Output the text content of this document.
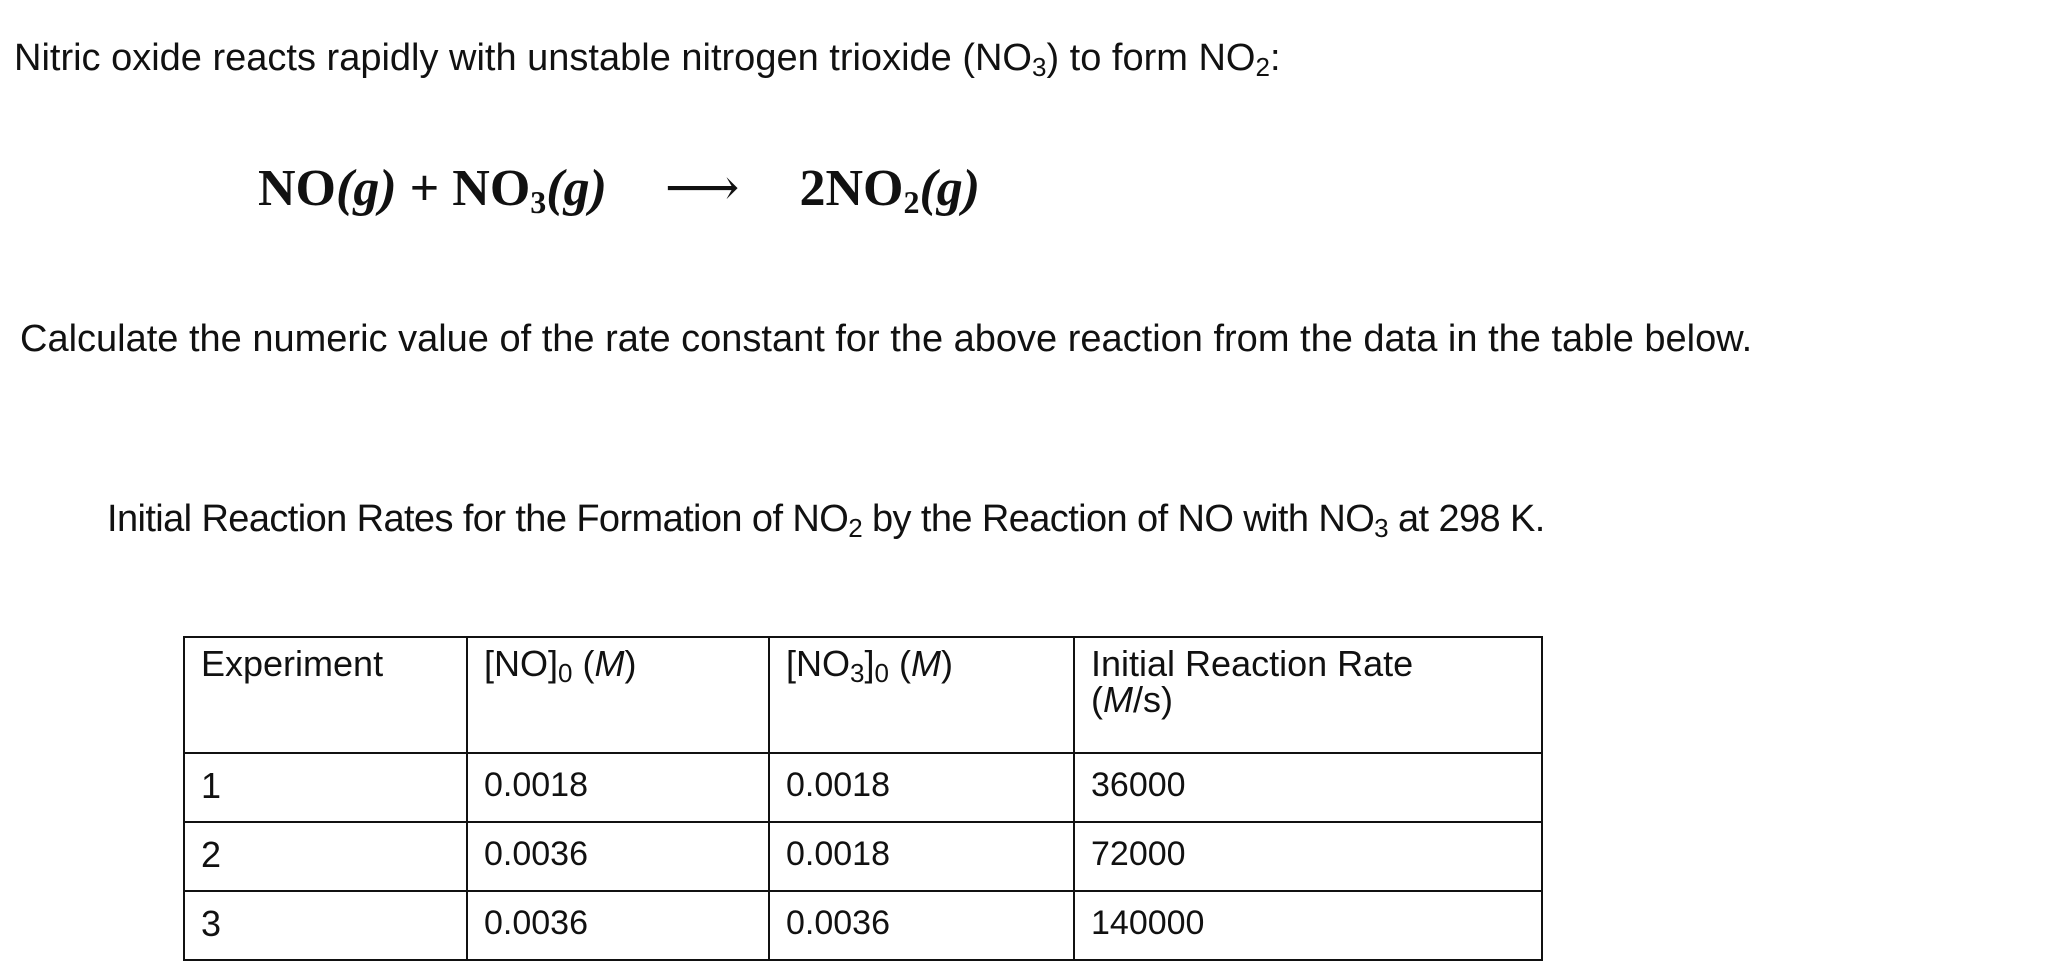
Nitric oxide reacts rapidly with unstable nitrogen trioxide $(NO_3)$ to form $NO_2$:
$NO(g) + NO_3(g)$ ⟶ $2NO_2(g)$
Calculate the numeric value of the rate constant for the above reaction from the data in the table below.
Initial Reaction Rates for the Formation of $NO_2$ by the Reaction of NO with $NO_3$ at 298 K.
Experiment	$[NO]_0$ (M)	$[NO_3]_0$ (M)	Initial Reaction Rate
(M/s)
1	0.0018	0.0018	36000
2	0.0036	0.0018	72000
3	0.0036	0.0036	140000
